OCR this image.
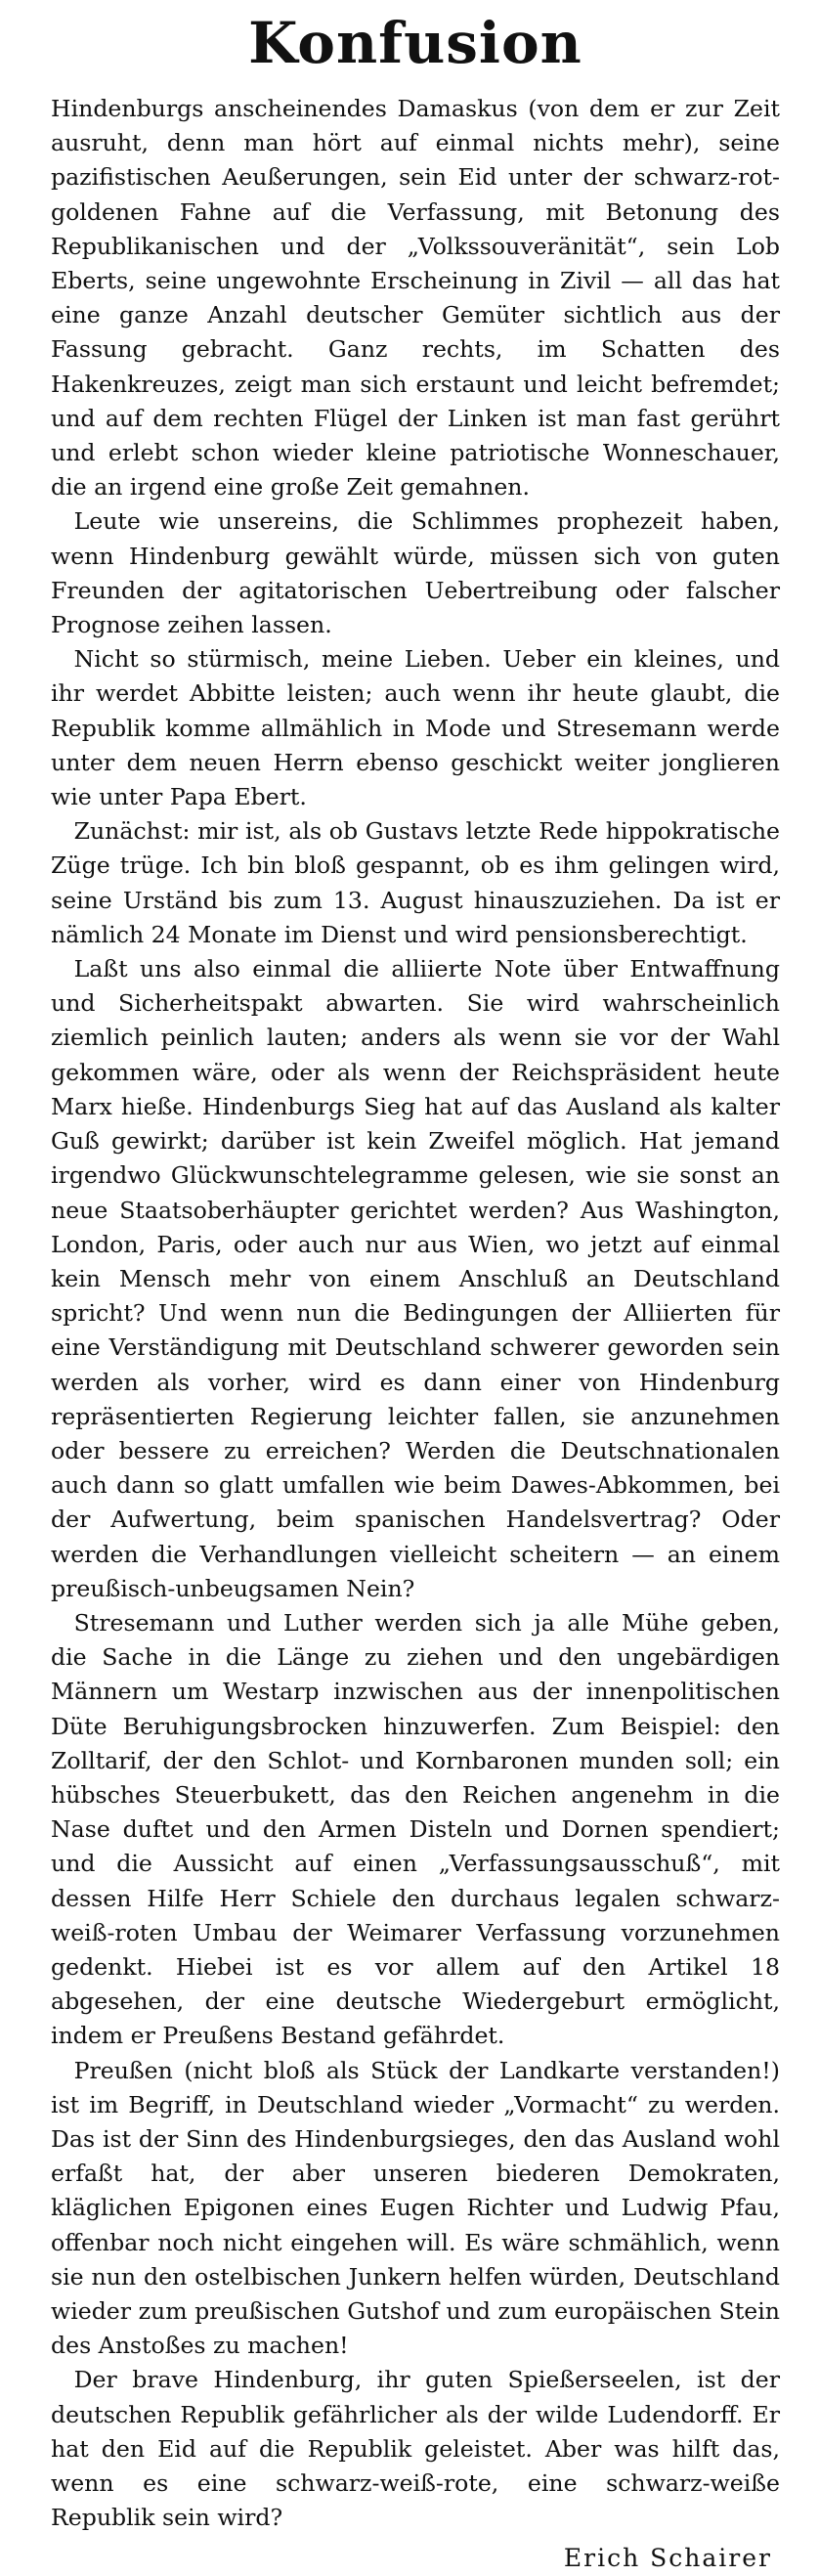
Konfusion

Hindenburgs anscheinendes Damaskus (von dem er zur Zeit ausruht, denn man hört auf einmal nichts mehr), seine pazifistischen Aeußerungen, sein Eid unter der schwarz-rot-goldenen Fahne auf die Verfassung, mit Betonung des Republikanischen und der „Volkssouveränität“, sein Lob Eberts, seine ungewohnte Erscheinung in Zivil — all das hat eine ganze Anzahl deutscher Gemüter sichtlich aus der Fassung gebracht. Ganz rechts, im Schatten des Hakenkreuzes, zeigt man sich erstaunt und leicht befremdet; und auf dem rechten Flügel der Linken ist man fast gerührt und erlebt schon wieder kleine patriotische Wonneschauer, die an irgend eine große Zeit gemahnen.

Leute wie unsereins, die Schlimmes prophezeit haben, wenn Hindenburg gewählt würde, müssen sich von guten Freunden der agitatorischen Uebertreibung oder falscher Prognose zeihen lassen.

Nicht so stürmisch, meine Lieben. Ueber ein kleines, und ihr werdet Abbitte leisten; auch wenn ihr heute glaubt, die Republik komme allmählich in Mode und Stresemann werde unter dem neuen Herrn ebenso geschickt weiter jonglieren wie unter Papa Ebert.

Zunächst: mir ist, als ob Gustavs letzte Rede hippokratische Züge trüge. Ich bin bloß gespannt, ob es ihm gelingen wird, seine Urständ bis zum 13. August hinauszuziehen. Da ist er nämlich 24 Monate im Dienst und wird pensionsberechtigt.

Laßt uns also einmal die alliierte Note über Entwaffnung und Sicherheitspakt abwarten. Sie wird wahrscheinlich ziemlich peinlich lauten; anders als wenn sie vor der Wahl gekommen wäre, oder als wenn der Reichspräsident heute Marx hieße. Hindenburgs Sieg hat auf das Ausland als kalter Guß gewirkt; darüber ist kein Zweifel möglich. Hat jemand irgendwo Glückwunschtelegramme gelesen, wie sie sonst an neue Staatsoberhäupter gerichtet werden? Aus Washington, London, Paris, oder auch nur aus Wien, wo jetzt auf einmal kein Mensch mehr von einem Anschluß an Deutschland spricht? Und wenn nun die Bedingungen der Alliierten für eine Verständigung mit Deutschland schwerer geworden sein werden als vorher, wird es dann einer von Hindenburg repräsentierten Regierung leichter fallen, sie anzunehmen oder bessere zu erreichen? Werden die Deutschnationalen auch dann so glatt umfallen wie beim Dawes-Abkommen, bei der Aufwertung, beim spanischen Handelsvertrag? Oder werden die Verhandlungen vielleicht scheitern — an einem preußisch-unbeugsamen Nein?

Stresemann und Luther werden sich ja alle Mühe geben, die Sache in die Länge zu ziehen und den ungebärdigen Männern um Westarp inzwischen aus der innenpolitischen Düte Beruhigungsbrocken hinzuwerfen. Zum Beispiel: den Zolltarif, der den Schlot- und Kornbaronen munden soll; ein hübsches Steuerbukett, das den Reichen angenehm in die Nase duftet und den Armen Disteln und Dornen spendiert; und die Aussicht auf einen „Verfassungsausschuß“, mit dessen Hilfe Herr Schiele den durchaus legalen schwarz-weiß-roten Umbau der Weimarer Verfassung vorzunehmen gedenkt. Hiebei ist es vor allem auf den Artikel 18 abgesehen, der eine deutsche Wiedergeburt ermöglicht, indem er Preußens Bestand gefährdet.

Preußen (nicht bloß als Stück der Landkarte verstanden!) ist im Begriff, in Deutschland wieder „Vormacht“ zu werden. Das ist der Sinn des Hindenburgsieges, den das Ausland wohl erfaßt hat, der aber unseren biederen Demokraten, kläglichen Epigonen eines Eugen Richter und Ludwig Pfau, offenbar noch nicht eingehen will. Es wäre schmählich, wenn sie nun den ostelbischen Junkern helfen würden, Deutschland wieder zum preußischen Gutshof und zum europäischen Stein des Anstoßes zu machen!

Der brave Hindenburg, ihr guten Spießerseelen, ist der deutschen Republik gefährlicher als der wilde Ludendorff. Er hat den Eid auf die Republik geleistet. Aber was hilft das, wenn es eine schwarz-weiß-rote, eine schwarz-weiße Republik sein wird?

Erich Schairer
